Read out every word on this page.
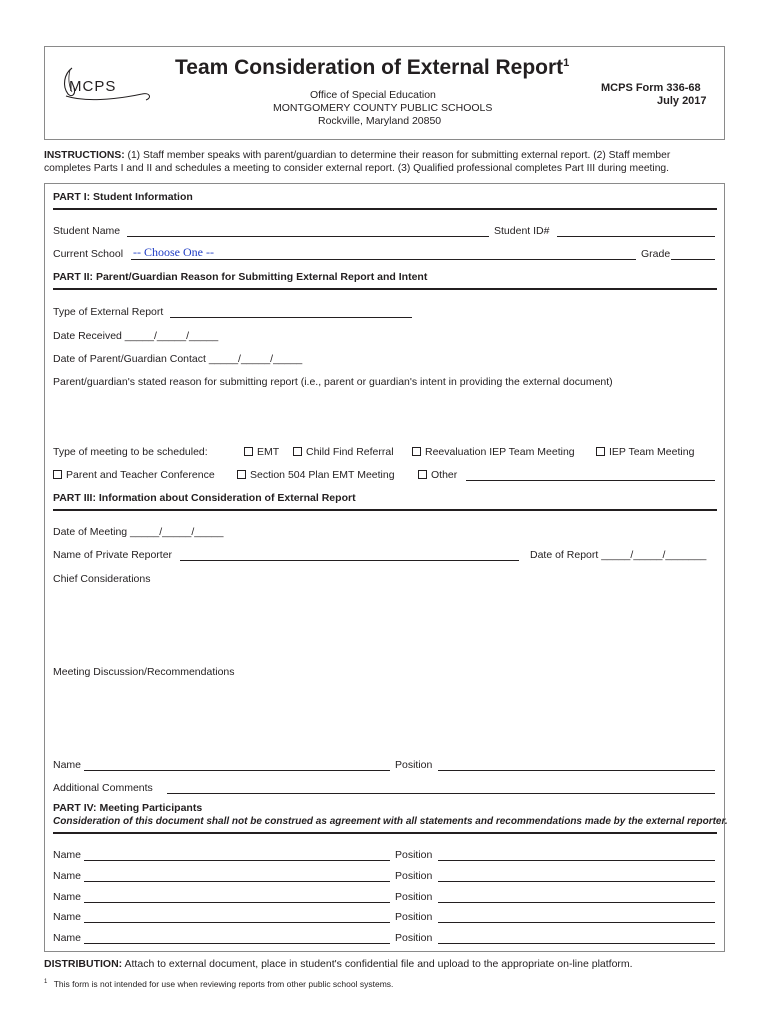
MCPS
Team Consideration of External Report$^1$
Office of Special Education
MONTGOMERY COUNTY PUBLIC SCHOOLS
Rockville, Maryland 20850
MCPS Form 336-68
July 2017
INSTRUCTIONS: (1) Staff member speaks with parent/guardian to determine their reason for submitting external report. (2) Staff member
completes Parts I and II and schedules a meeting to consider external report. (3) Qualified professional completes Part III during meeting.
PART I: Student Information
Student Name	Student ID#
Current School -- Choose One --	Grade
PART II: Parent/Guardian Reason for Submitting External Report and Intent
Type of External Report
Date Received _____/_____/_____
Date of Parent/Guardian Contact _____/_____/_____
Parent/guardian's stated reason for submitting report (i.e., parent or guardian's intent in providing the external document)
Type of meeting to be scheduled:	EMT	Child Find Referral	Reevaluation IEP Team Meeting	IEP Team Meeting
Parent and Teacher Conference	Section 504 Plan EMT Meeting	Other
PART III: Information about Consideration of External Report
Date of Meeting _____/_____/_____
Name of Private Reporter	Date of Report _____/_____/_______
Chief Considerations
Meeting Discussion/Recommendations
Name	Position
Additional Comments
PART IV: Meeting Participants
Consideration of this document shall not be construed as agreement with all statements and recommendations made by the external reporter.
Name	Position
Name	Position
Name	Position
Name	Position
Name	Position
DISTRIBUTION: Attach to external document, place in student's confidential file and upload to the appropriate on-line platform.
$^1$ This form is not intended for use when reviewing reports from other public school systems.
